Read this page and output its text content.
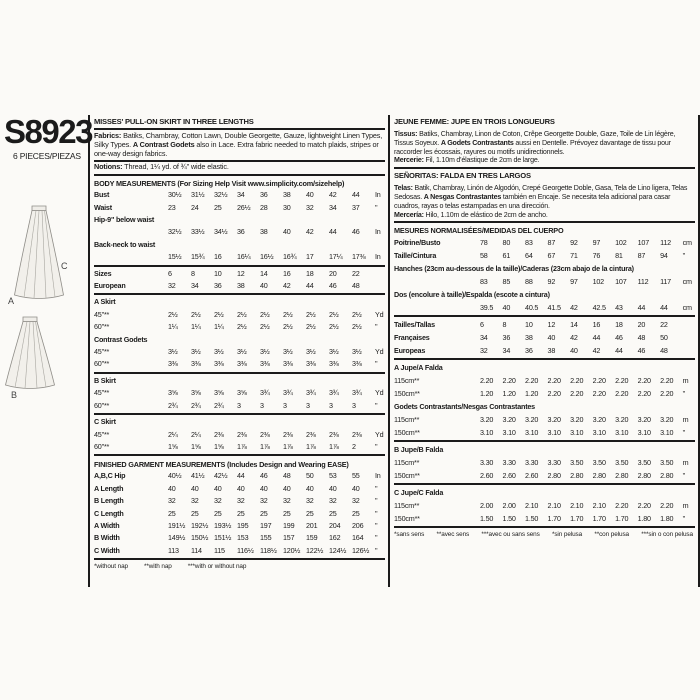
S8923
6 PIECES/PIEZAS
C
A
B
MISSES' PULL-ON SKIRT IN THREE LENGTHS
Fabrics: Batiks, Chambray, Cotton Lawn, Double Georgette, Gauze, lightweight Linen Types, Silky Types. A Contrast Godets also in Lace. Extra fabric needed to match plaids, stripes or one-way design fabrics.
Notions: Thread, 1¼ yd. of ¾" wide elastic.
BODY MEASUREMENTS (For Sizing Help Visit www.simplicity.com/sizehelp)
Bust	30½	31½	32½	34	36	38	40	42	44	In
Waist	23	24	25	26½	28	30	32	34	37	"
Hip-9" below waist										
	32½	33½	34½	36	38	40	42	44	46	In
Back-neck to waist										
	15½	15¾	16	16¼	16½	16¾	17	17¼	17⅜	In

Sizes	6	8	10	12	14	16	18	20	22	
European	32	34	36	38	40	42	44	46	48	

A Skirt										
45"**	2½	2½	2½	2½	2½	2½	2½	2½	2½	Yd
60"**	1¼	1¼	1¼	2½	2½	2½	2½	2½	2½	"
Contrast Godets										
45"**	3½	3½	3½	3½	3½	3½	3½	3½	3½	Yd
60"**	3⅜	3⅜	3⅜	3⅜	3⅜	3⅜	3⅜	3⅜	3⅜	"

B Skirt										
45"**	3⅝	3⅝	3⅝	3⅝	3¾	3¾	3¾	3¾	3¾	Yd
60"**	2¾	2¾	2¾	3	3	3	3	3	3	"

C Skirt										
45"**	2¼	2¼	2⅜	2⅜	2⅜	2⅜	2⅜	2⅜	2⅜	Yd
60"**	1⅝	1⅝	1⅝	1⅞	1⅞	1⅞	1⅞	1⅞	2	"

FINISHED GARMENT MEASUREMENTS (Includes Design and Wearing EASE)
A,B,C Hip	40½	41½	42½	44	46	48	50	53	55	In
A Length	40	40	40	40	40	40	40	40	40	"
B Length	32	32	32	32	32	32	32	32	32	"
C Length	25	25	25	25	25	25	25	25	25	"
A Width	191½	192½	193½	195	197	199	201	204	206	"
B Width	149½	150½	151½	153	155	157	159	162	164	"
C Width	113	114	115	116½	118½	120½	122½	124½	126½	"

*without nap	**with nap	***with or without nap
JEUNE FEMME: JUPE EN TROIS LONGUEURS
Tissus: Batiks, Chambray, Linon de Coton, Crêpe Georgette Double, Gaze, Toile de Lin légère, Tissus Soyeux. A Godets Contrastants aussi en Dentelle. Prévoyez davantage de tissu pour raccorder les écossais, rayures ou motifs unidirectionnels.
Mercerie: Fil, 1.10m d'élastique de 2cm de large.
SEÑORITAS: FALDA EN TRES LARGOS
Telas: Batik, Chambray, Linón de Algodón, Crepé Georgette Doble, Gasa, Tela de Lino ligera, Telas Sedosas. A Nesgas Contrastantes también en Encaje. Se necesita tela adicional para casar cuadros, rayas o telas estampadas en una dirección.
Mercería: Hilo, 1.10m de elástico de 2cm de ancho.
MESURES NORMALISÉES/MEDIDAS DEL CUERPO
Poitrine/Busto	78	80	83	87	92	97	102	107	112	cm
Taille/Cintura	58	61	64	67	71	76	81	87	94	"
Hanches (23cm au-dessous de la taille)/Caderas (23cm abajo de la cintura)										
	83	85	88	92	97	102	107	112	117	cm
Dos (encolure à taille)/Espalda (escote a cintura)										
	39.5	40	40.5	41.5	42	42.5	43	44	44	cm

Tailles/Tallas	6	8	10	12	14	16	18	20	22	
Françaises	34	36	38	40	42	44	46	48	50	
Europeas	32	34	36	38	40	42	44	46	48	

A Jupe/A Falda										
115cm**	2.20	2.20	2.20	2.20	2.20	2.20	2.20	2.20	2.20	m
150cm**	1.20	1.20	1.20	2.20	2.20	2.20	2.20	2.20	2.20	"
Godets Contrastants/Nesgas Contrastantes										
115cm**	3.20	3.20	3.20	3.20	3.20	3.20	3.20	3.20	3.20	m
150cm**	3.10	3.10	3.10	3.10	3.10	3.10	3.10	3.10	3.10	"

B Jupe/B Falda										
115cm**	3.30	3.30	3.30	3.30	3.50	3.50	3.50	3.50	3.50	m
150cm**	2.60	2.60	2.60	2.80	2.80	2.80	2.80	2.80	2.80	"

C Jupe/C Falda										
115cm**	2.00	2.00	2.10	2.10	2.10	2.10	2.20	2.20	2.20	m
150cm**	1.50	1.50	1.50	1.70	1.70	1.70	1.70	1.80	1.80	"

*sans sens **avec sens ***avec ou sans sens *sin pelusa **con pelusa ***sin o con pelusa
